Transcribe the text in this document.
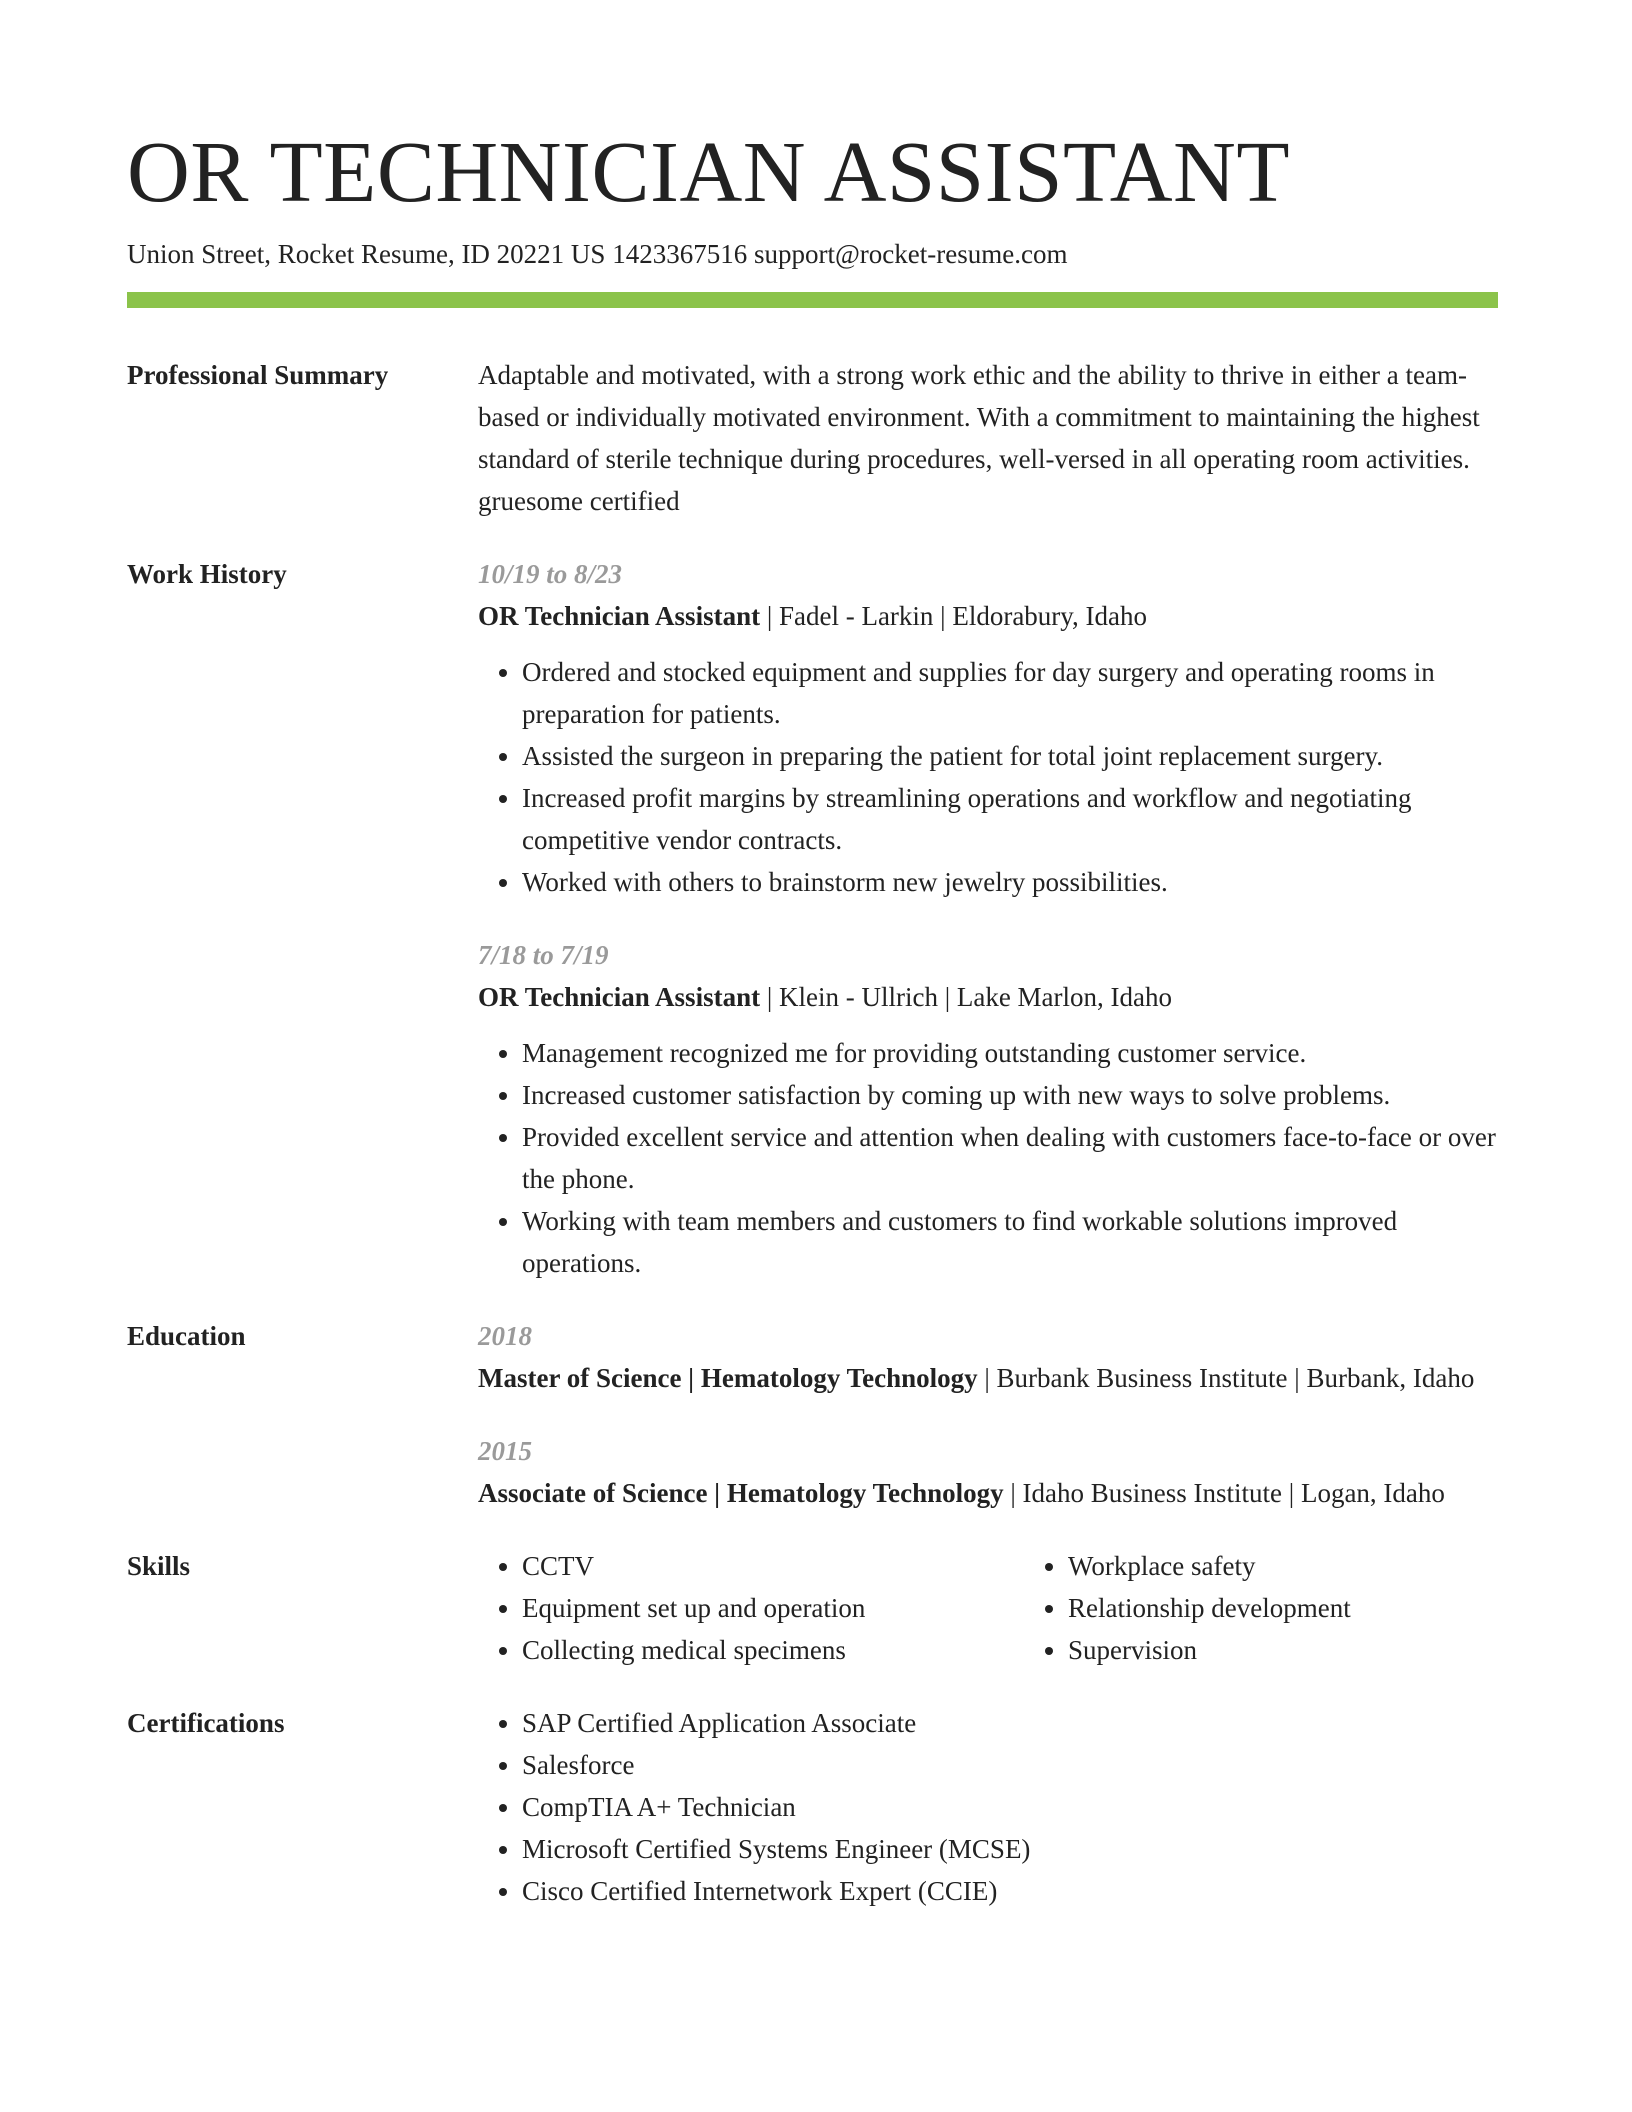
OR TECHNICIAN ASSISTANT
Union Street, Rocket Resume, ID 20221 US 1423367516 support@rocket-resume.com
Professional Summary	Adaptable and motivated, with a strong work ethic and the ability to thrive in either a team-based or individually motivated environment. With a commitment to maintaining the highest standard of sterile technique during procedures, well-versed in all operating room activities. gruesome certified
Work History	10/19 to 8/23
OR Technician Assistant | Fadel - Larkin | Eldorabury, Idaho
• Ordered and stocked equipment and supplies for day surgery and operating rooms in preparation for patients.
• Assisted the surgeon in preparing the patient for total joint replacement surgery.
• Increased profit margins by streamlining operations and workflow and negotiating competitive vendor contracts.
• Worked with others to brainstorm new jewelry possibilities.
7/18 to 7/19
OR Technician Assistant | Klein - Ullrich | Lake Marlon, Idaho
• Management recognized me for providing outstanding customer service.
• Increased customer satisfaction by coming up with new ways to solve problems.
• Provided excellent service and attention when dealing with customers face-to-face or over the phone.
• Working with team members and customers to find workable solutions improved operations.
Education	2018
Master of Science | Hematology Technology | Burbank Business Institute | Burbank, Idaho
2015
Associate of Science | Hematology Technology | Idaho Business Institute | Logan, Idaho
Skills	• CCTV
• Equipment set up and operation
• Collecting medical specimens
• Workplace safety
• Relationship development
• Supervision
Certifications	• SAP Certified Application Associate
• Salesforce
• CompTIA A+ Technician
• Microsoft Certified Systems Engineer (MCSE)
• Cisco Certified Internetwork Expert (CCIE)
